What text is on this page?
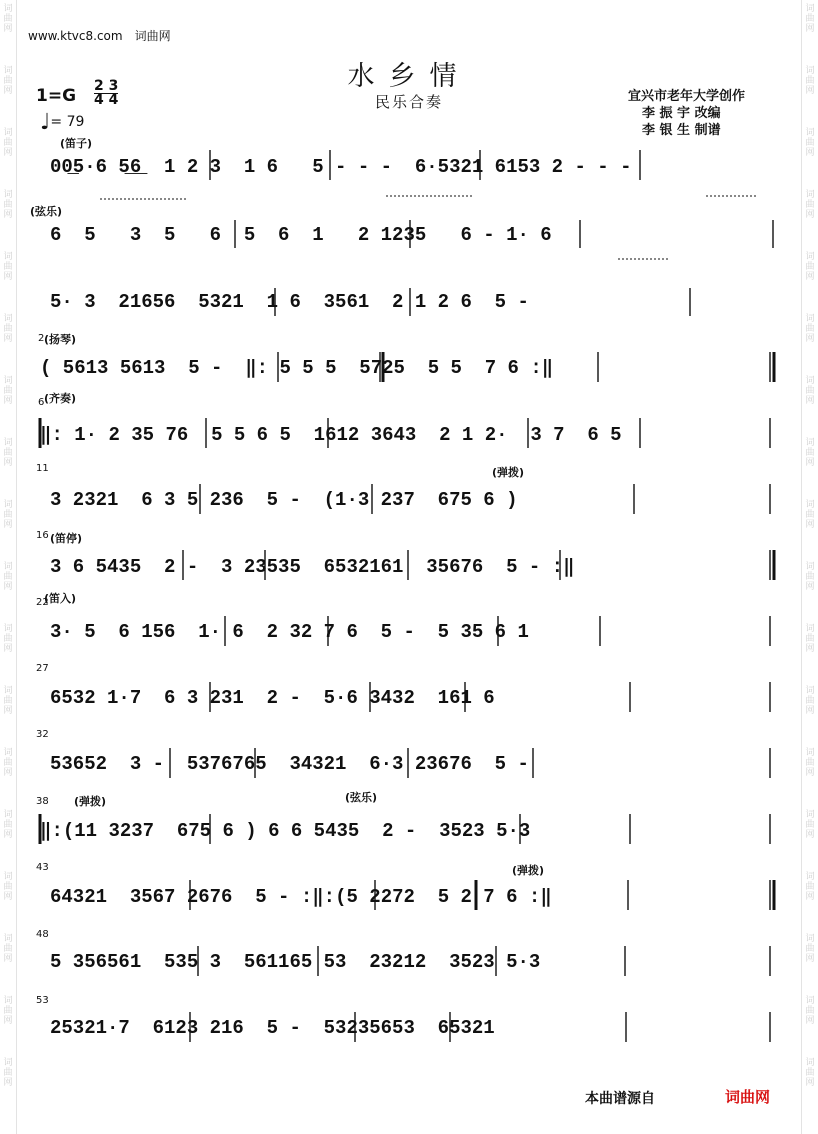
词
曲
网
词
曲
网
词
曲
网
词
曲
网
词
曲
网
词
曲
网
词
曲
网
词
曲
网
词
曲
网
词
曲
网
词
曲
网
词
曲
网
词
曲
网
词
曲
网
词
曲
网
词
曲
网
词
曲
网
词
曲
网
词
曲
网
词
曲
网
词
曲
网
词
曲
网
词
曲
网
词
曲
网
词
曲
网
词
曲
网
词
曲
网
词
曲
网
词
曲
网
词
曲
网
词
曲
网
词
曲
网
词
曲
网
词
曲
网
词
曲
网
词
曲
网
www.ktvc8.com　词曲网
水乡情
民乐合奏	宜兴市老年大学创作
李 振 宇 改编
李 银 生 制谱
1=G 2 3
4 4
♩= 79
(笛子)
(弦乐)
(扬琴)
(齐奏)
(弹拨)
(笛停)
(笛入)
(弹拨)	(弦乐)
(弹拨)
2
6
11
16
22
27
32
38
43
48
53
00̲5·6 5̲6̲  1 2 3  1 6   5 - - -  6·5321 6153 2 - - -
6  5   3  5   6  5  6  1   2 1235   6 - 1· 6
5· 3  21656  5321  1 6  3561  2 1 2 6  5 -
( 5613 5613  5 -  ‖: 5 5 5  5725  5 5  7 6 :‖
‖: 1· 2 35 76  5 5 6 5  1612 3643  2 1 2·  3 7  6 5
3 2321  6 3 5 236  5 -  (1·3 237  675 6 )
3 6 5435  2 -  3 23535  6532161  35676  5 - :‖
3· 5  6 156  1· 6  2 32 7 6  5 -  5 35 6 1
6532 1·7  6 3 231  2 -  5·6 3432  161 6
53652  3 -  5376765  34321  6·3 23676  5 -
‖:(11 3237  675 6 ) 6 6 5435  2 -  3523 5·3
64321  3567 2676  5 - :‖:(5 2272  5 2 7 6 :‖
5 356561  535 3  561165 53  23212  3523 5·3
25321·7  6123 216  5 -  53235653  65321
本曲谱源自	词曲网
